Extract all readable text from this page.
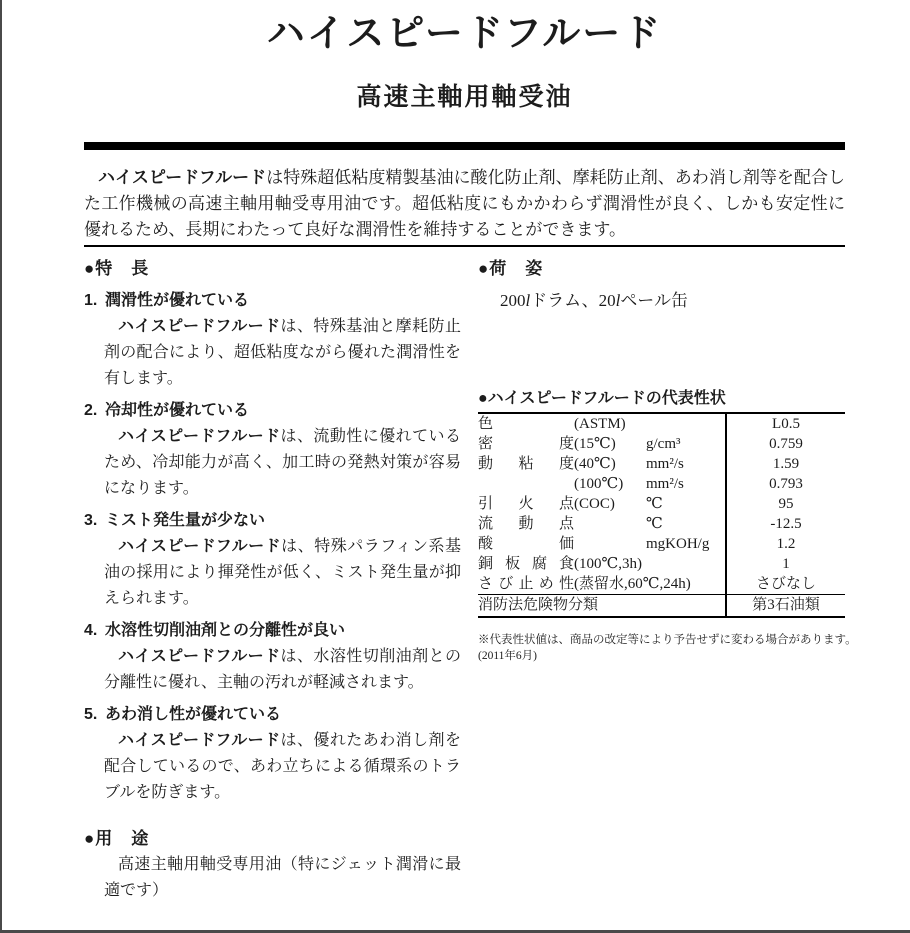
ハイスピードフルード
高速主軸用軸受油

ハイスピードフルードは特殊超低粘度精製基油に酸化防止剤、摩耗防止剤、あわ消し剤等を配合した工作機械の高速主軸用軸受専用油です。超低粘度にもかかわらず潤滑性が良く、しかも安定性に優れるため、長期にわたって良好な潤滑性を維持することができます。

●特　長
1. 潤滑性が優れている

ハイスピードフルードは、特殊基油と摩耗防止剤の配合により、超低粘度ながら優れた潤滑性を有します。

2. 冷却性が優れている

ハイスピードフルードは、流動性に優れているため、冷却能力が高く、加工時の発熱対策が容易になります。

3. ミスト発生量が少ない

ハイスピードフルードは、特殊パラフィン系基油の採用により揮発性が低く、ミスト発生量が抑えられます。

4. 水溶性切削油剤との分離性が良い

ハイスピードフルードは、水溶性切削油剤との分離性に優れ、主軸の汚れが軽減されます。

5. あわ消し性が優れている

ハイスピードフルードは、優れたあわ消し剤を配合しているので、あわ立ちによる循環系のトラブルを防ぎます。

●用　途

高速主軸用軸受専用油（特にジェット潤滑に最適です）

●荷　姿

200lドラム、20lペール缶

●ハイスピードフルードの代表性状
色	(ASTM)		L0.5
密度	(15℃)	g/cm³	0.759
動粘度	(40℃)	mm²/s	1.59
	(100℃)	mm²/s	0.793
引火点	(COC)	℃	95
流動点		℃	-12.5
酸価		mgKOH/g	1.2
銅板腐食	(100℃,3h)		1
さび止め性	(蒸留水,60℃,24h)		さびなし
消防法危険物分類			第3石油類
※代表性状値は、商品の改定等により予告せずに変わる場合があります。
(2011年6月)
